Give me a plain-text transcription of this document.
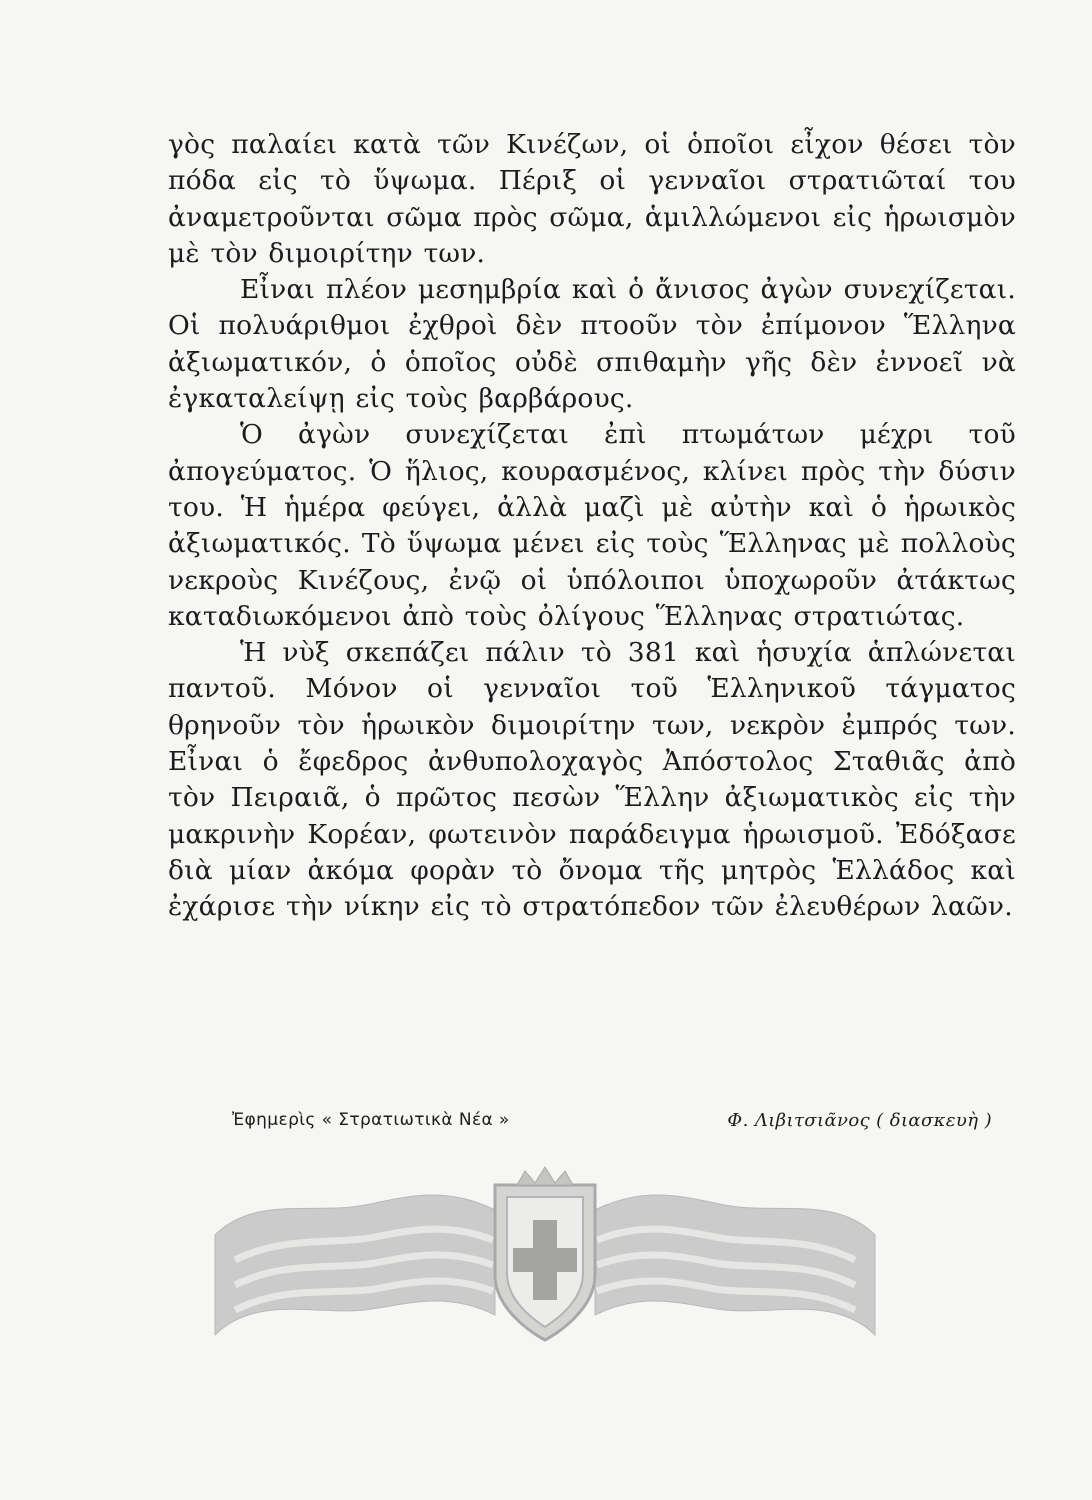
γὸς παλαίει κατὰ τῶν Κινέζων, οἱ ὁποῖοι εἶχον θέσει τὸν πόδα εἰς τὸ ὕψωμα. Πέριξ οἱ γενναῖοι στρατιῶταί του ἀναμετροῦνται σῶμα πρὸς σῶμα, ἁμιλλώμενοι εἰς ἡρωισμὸν μὲ τὸν διμοιρίτην των.

Εἶναι πλέον μεσημβρία καὶ ὁ ἄνισος ἀγὼν συνεχίζεται. Οἱ πολυάριθμοι ἐχθροὶ δὲν πτοοῦν τὸν ἐπίμονον Ἕλληνα ἀξιωματικόν, ὁ ὁποῖος οὐδὲ σπιθαμὴν γῆς δὲν ἐννοεῖ νὰ ἐγκαταλείψῃ εἰς τοὺς βαρβάρους.

Ὁ ἀγὼν συνεχίζεται ἐπὶ πτωμάτων μέχρι τοῦ ἀπογεύματος. Ὁ ἥλιος, κουρασμένος, κλίνει πρὸς τὴν δύσιν του. Ἡ ἡμέρα φεύγει, ἀλλὰ μαζὶ μὲ αὐτὴν καὶ ὁ ἡρωικὸς ἀξιωματικός. Τὸ ὕψωμα μένει εἰς τοὺς Ἕλληνας μὲ πολλοὺς νεκροὺς Κινέζους, ἐνῷ οἱ ὑπόλοιποι ὑποχωροῦν ἀτάκτως καταδιωκόμενοι ἀπὸ τοὺς ὀλίγους Ἕλληνας στρατιώτας.

Ἡ νὺξ σκεπάζει πάλιν τὸ 381 καὶ ἡσυχία ἁπλώνεται παντοῦ. Μόνον οἱ γενναῖοι τοῦ Ἑλληνικοῦ τάγματος θρηνοῦν τὸν ἡρωικὸν διμοιρίτην των, νεκρὸν ἐμπρός των. Εἶναι ὁ ἔφεδρος ἀνθυπολοχαγὸς Ἀπόστολος Σταθιᾶς ἀπὸ τὸν Πειραιᾶ, ὁ πρῶτος πεσὼν Ἕλλην ἀξιωματικὸς εἰς τὴν μακρινὴν Κορέαν, φωτεινὸν παράδειγμα ἡρωισμοῦ. Ἐδόξασε διὰ μίαν ἀκόμα φορὰν τὸ ὄνομα τῆς μητρὸς Ἑλλάδος καὶ ἐχάρισε τὴν νίκην εἰς τὸ στρατόπεδον τῶν ἐλευθέρων λαῶν.

Ἐφημερὶς « Στρατιωτικὰ Νέα »	Φ. Λιβιτσιᾶνος ( διασκευὴ )
